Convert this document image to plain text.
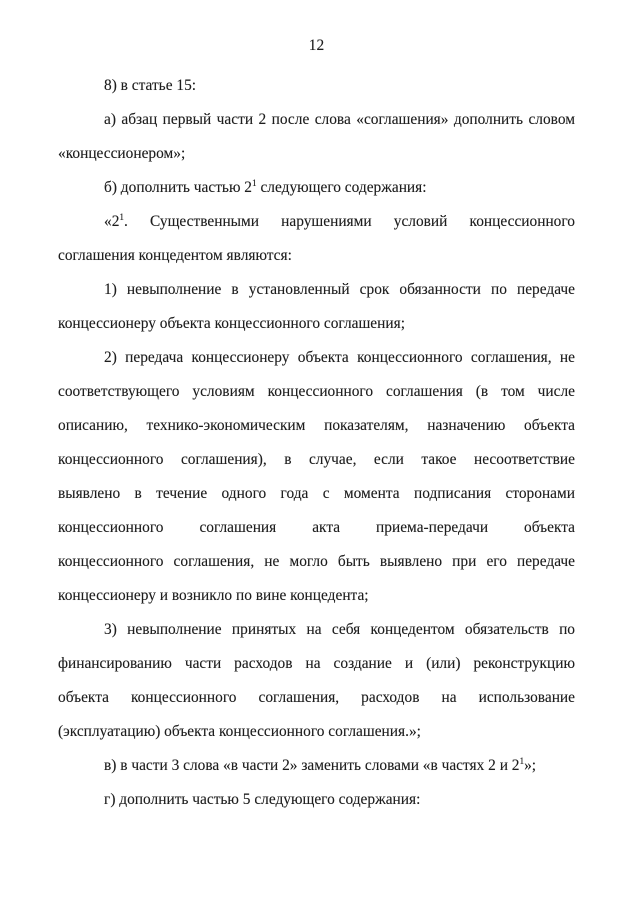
12
8) в статье 15:
а) абзац первый части 2 после слова «соглашения» дополнить словом
«концессионером»;
б) дополнить частью $2^1$ следующего содержания:
«$2^1$. Существенными нарушениями условий концессионного
соглашения концедентом являются:
1) невыполнение в установленный срок обязанности по передаче
концессионеру объекта концессионного соглашения;
2) передача концессионеру объекта концессионного соглашения, не
соответствующего условиям концессионного соглашения (в том числе
описанию, технико-экономическим показателям, назначению объекта
концессионного соглашения), в случае, если такое несоответствие
выявлено в течение одного года с момента подписания сторонами
концессионного соглашения акта приема-передачи объекта
концессионного соглашения, не могло быть выявлено при его передаче
концессионеру и возникло по вине концедента;
3) невыполнение принятых на себя концедентом обязательств по
финансированию части расходов на создание и (или) реконструкцию
объекта концессионного соглашения, расходов на использование
(эксплуатацию) объекта концессионного соглашения.»;
в) в части 3 слова «в части 2» заменить словами «в частях 2 и $2^1$»;
г) дополнить частью 5 следующего содержания:
